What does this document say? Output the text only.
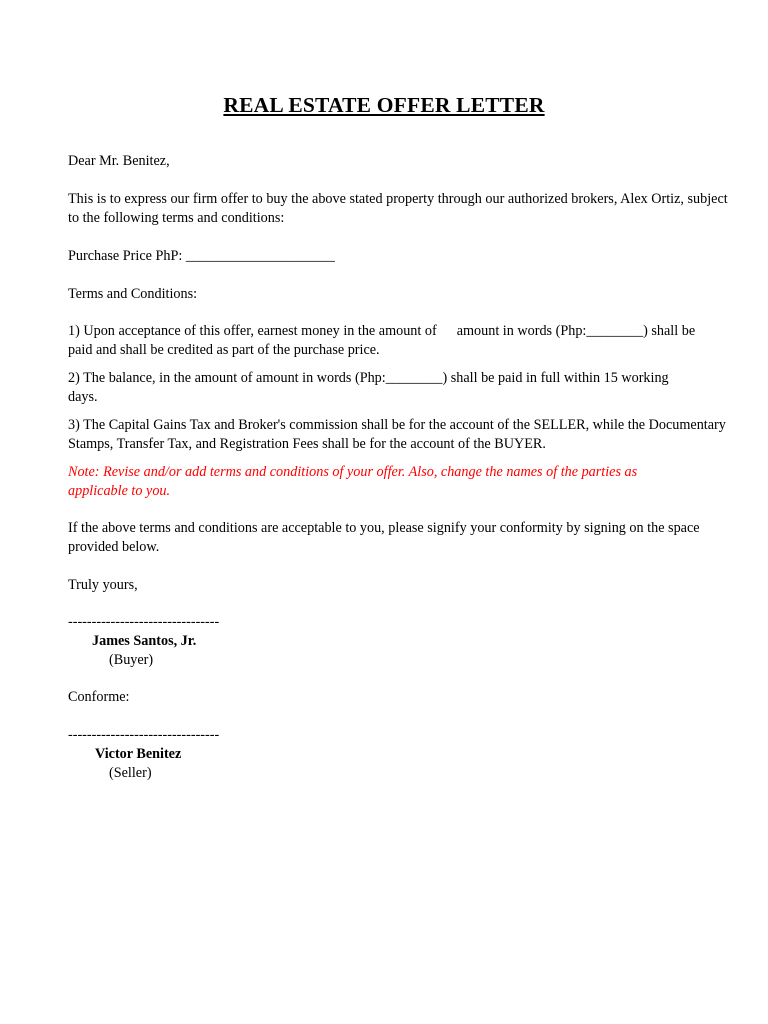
REAL ESTATE OFFER LETTER
Dear Mr. Benitez,
This is to express our firm offer to buy the above stated property through our authorized brokers, Alex Ortiz, subject
to the following terms and conditions:
Purchase Price PhP: _____________________
Terms and Conditions:
1) Upon acceptance of this offer, earnest money in the amount of amount in words (Php:________) shall be
paid and shall be credited as part of the purchase price.
2) The balance, in the amount of amount in words (Php:________) shall be paid in full within 15 working
days.
3) The Capital Gains Tax and Broker's commission shall be for the account of the SELLER, while the Documentary
Stamps, Transfer Tax, and Registration Fees shall be for the account of the BUYER.
Note: Revise and/or add terms and conditions of your offer. Also, change the names of the parties as
applicable to you.
If the above terms and conditions are acceptable to you, please signify your conformity by signing on the space
provided below.
Truly yours,
--------------------------------
James Santos, Jr.
(Buyer)
Conforme:
--------------------------------
Victor Benitez
(Seller)
